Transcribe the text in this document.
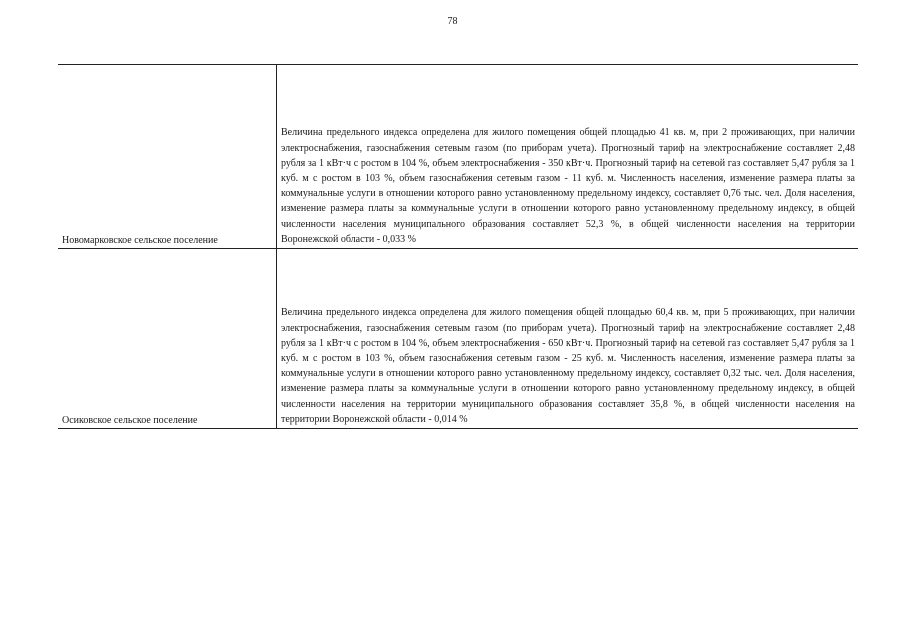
78
Новомарковское сельское поселение	Величина предельного индекса определена для жилого помещения общей площадью 41 кв. м, при 2 проживающих, при наличии электроснабжения, газоснабжения сетевым газом (по приборам учета). Прогнозный тариф на электроснабжение составляет 2,48 рубля за 1 кВт·ч с ростом в 104 %, объем электроснабжения - 350 кВт·ч. Прогнозный тариф на сетевой газ составляет 5,47 рубля за 1 куб. м с ростом в 103 %, объем газоснабжения сетевым газом - 11 куб. м. Численность населения, изменение размера платы за коммунальные услуги в отношении которого равно установленному предельному индексу, составляет 0,76 тыс. чел. Доля населения, изменение размера платы за коммунальные услуги в отношении которого равно установленному предельному индексу, в общей численности населения муниципального образования составляет 52,3 %, в общей численности населения на территории Воронежской области - 0,033 %

Осиковское сельское поселение	Величина предельного индекса определена для жилого помещения общей площадью 60,4 кв. м, при 5 проживающих, при наличии электроснабжения, газоснабжения сетевым газом (по приборам учета). Прогнозный тариф на электроснабжение составляет 2,48 рубля за 1 кВт·ч с ростом в 104 %, объем электроснабжения - 650 кВт·ч. Прогнозный тариф на сетевой газ составляет 5,47 рубля за 1 куб. м с ростом в 103 %, объем газоснабжения сетевым газом - 25 куб. м. Численность населения, изменение размера платы за коммунальные услуги в отношении которого равно установленному предельному индексу, составляет 0,32 тыс. чел. Доля населения, изменение размера платы за коммунальные услуги в отношении которого равно установленному предельному индексу, в общей численности населения на территории муниципального образования составляет 35,8 %, в общей численности населения на территории Воронежской области - 0,014 %
